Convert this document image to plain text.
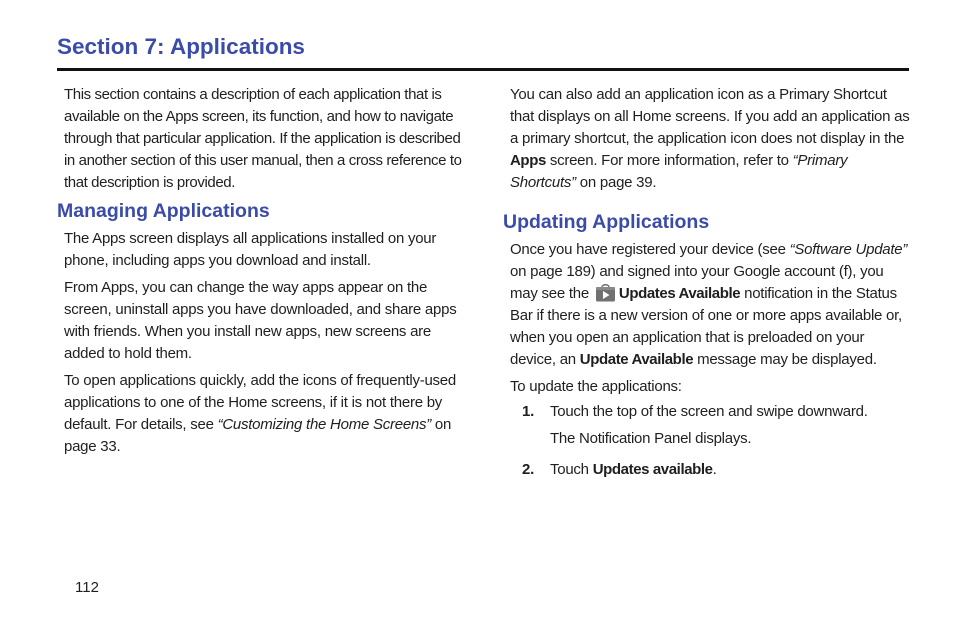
Section 7: Applications

This section contains a description of each application that is available on the Apps screen, its function, and how to navigate through that particular application. If the application is described in another section of this user manual, then a cross reference to that description is provided.

Managing Applications

The Apps screen displays all applications installed on your phone, including apps you download and install.

From Apps, you can change the way apps appear on the screen, uninstall apps you have downloaded, and share apps with friends. When you install new apps, new screens are added to hold them.

To open applications quickly, add the icons of frequently-used applications to one of the Home screens, if it is not there by default. For details, see “Customizing the Home Screens” on page 33.

You can also add an application icon as a Primary Shortcut that displays on all Home screens. If you add an application as a primary shortcut, the application icon does not display in the Apps screen. For more information, refer to “Primary Shortcuts” on page 39.

Updating Applications

Once you have registered your device (see “Software Update” on page 189) and signed into your Google account (f), you may see the Updates Available notification in the Status Bar if there is a new version of one or more apps available or, when you open an application that is preloaded on your device, an Update Available message may be displayed.

To update the applications:

1. Touch the top of the screen and swipe downward.
The Notification Panel displays.
2. Touch Updates available.
112
